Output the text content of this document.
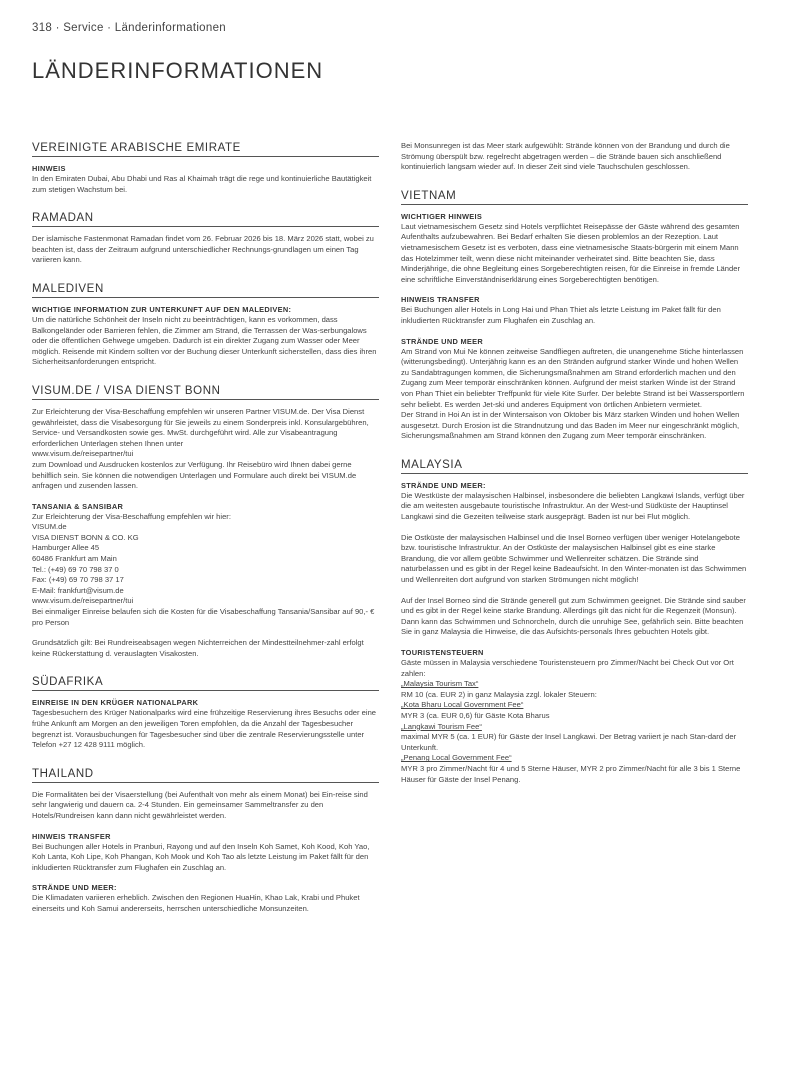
318 · Service · Länderinformationen
LÄNDERINFORMATIONEN
VEREINIGTE ARABISCHE EMIRATE
HINWEIS

In den Emiraten Dubai, Abu Dhabi und Ras al Khaimah trägt die rege und kontinuierliche Bautätigkeit zum stetigen Wachstum bei.

RAMADAN

Der islamische Fastenmonat Ramadan findet vom 26. Februar 2026 bis 18. März 2026 statt, wobei zu beachten ist, dass der Zeitraum aufgrund unterschiedlicher Rechnungs-grundlagen um einen Tag variieren kann.

MALEDIVEN
WICHTIGE INFORMATION ZUR UNTERKUNFT AUF DEN MALEDIVEN:

Um die natürliche Schönheit der Inseln nicht zu beeinträchtigen, kann es vorkommen, dass Balkongeländer oder Barrieren fehlen, die Zimmer am Strand, die Terrassen der Was-serbungalows oder die öffentlichen Gehwege umgeben. Dadurch ist ein direkter Zugang zum Wasser oder Meer möglich. Reisende mit Kindern sollten vor der Buchung dieser Unterkunft sicherstellen, dass dies ihren Sicherheitsanforderungen entspricht.

VISUM.DE / VISA DIENST BONN

Zur Erleichterung der Visa-Beschaffung empfehlen wir unseren Partner VISUM.de. Der Visa Dienst gewährleistet, dass die Visabesorgung für Sie jeweils zu einem Sonderpreis inkl. Konsulargebühren, Service- und Versandkosten sowie ges. MwSt. durchgeführt wird. Alle zur Visabeantragung erforderlichen Unterlagen stehen Ihnen unter

www.visum.de/reisepartner/tui

zum Download und Ausdrucken kostenlos zur Verfügung. Ihr Reisebüro wird Ihnen dabei gerne behilflich sein. Sie können die notwendigen Unterlagen und Formulare auch direkt bei VISUM.de anfragen und zusenden lassen.

TANSANIA & SANSIBAR
Zur Erleichterung der Visa-Beschaffung empfehlen wir hier:
VISUM.de
VISA DIENST BONN & CO. KG
Hamburger Allee 45
60486 Frankfurt am Main
Tel.: (+49) 69 70 798 37 0
Fax: (+49) 69 70 798 37 17
E-Mail: frankfurt@visum.de
www.visum.de/reisepartner/tui

Bei einmaliger Einreise belaufen sich die Kosten für die Visabeschaffung Tansania/Sansibar auf 90,- € pro Person

Grundsätzlich gilt: Bei Rundreiseabsagen wegen Nichterreichen der Mindestteilnehmer-zahl erfolgt keine Rückerstattung d. verauslagten Visakosten.

SÜDAFRIKA
EINREISE IN DEN KRÜGER NATIONALPARK

Tagesbesuchern des Krüger Nationalparks wird eine frühzeitige Reservierung ihres Besuchs oder eine frühe Ankunft am Morgen an den jeweiligen Toren empfohlen, da die Anzahl der Tagesbesucher begrenzt ist. Vorausbuchungen für Tagesbesucher sind über die zentrale Reservierungsstelle unter Telefon +27 12 428 9111 möglich.

THAILAND

Die Formalitäten bei der Visaerstellung (bei Aufenthalt von mehr als einem Monat) bei Ein-reise sind sehr langwierig und dauern ca. 2-4 Stunden. Ein gemeinsamer Sammeltransfer zu den Hotels/Rundreisen kann dann nicht gewährleistet werden.

HINWEIS TRANSFER

Bei Buchungen aller Hotels in Pranburi, Rayong und auf den Inseln Koh Samet, Koh Kood, Koh Yao, Koh Lanta, Koh Lipe, Koh Phangan, Koh Mook und Koh Tao als letzte Leistung im Paket fällt für den inkludierten Rücktransfer zum Flughafen ein Zuschlag an.

STRÄNDE UND MEER:

Die Klimadaten variieren erheblich. Zwischen den Regionen HuaHin, Khao Lak, Krabi und Phuket einerseits und Koh Samui andererseits, herrschen unterschiedliche Monsunzeiten.

Bei Monsunregen ist das Meer stark aufgewühlt: Strände können von der Brandung und durch die Strömung überspült bzw. regelrecht abgetragen werden – die Strände bauen sich anschließend kontinuierlich langsam wieder auf. In dieser Zeit sind viele Tauchschulen geschlossen.

VIETNAM
WICHTIGER HINWEIS

Laut vietnamesischem Gesetz sind Hotels verpflichtet Reisepässe der Gäste während des gesamten Aufenthalts aufzubewahren. Bei Bedarf erhalten Sie diesen problemlos an der Rezeption. Laut vietnamesischem Gesetz ist es verboten, dass eine vietnamesische Staats-bürgerin mit einem Mann das Hotelzimmer teilt, wenn diese nicht miteinander verheiratet sind. Bitte beachten Sie, dass Minderjährige, die ohne Begleitung eines Sorgeberechtigten reisen, für die Einreise in fremde Länder eine schriftliche Einverständniserklärung eines Sorgeberechtigten benötigen.

HINWEIS TRANSFER

Bei Buchungen aller Hotels in Long Hai und Phan Thiet als letzte Leistung im Paket fällt für den inkludierten Rücktransfer zum Flughafen ein Zuschlag an.

STRÄNDE UND MEER

Am Strand von Mui Ne können zeitweise Sandfliegen auftreten, die unangenehme Stiche hinterlassen (witterungsbedingt). Unterjährig kann es an den Stränden aufgrund starker Winde und hohen Wellen zu Sandabtragungen kommen, die Sicherungsmaßnahmen am Strand erforderlich machen und den Zugang zum Meer temporär einschränken können. Aufgrund der meist starken Winde ist der Strand von Phan Thiet ein beliebter Treffpunkt für viele Kite Surfer. Der belebte Strand ist bei Wassersportlern sehr beliebt. Es werden Jet-ski und anderes Equipment von örtlichen Anbietern vermietet.

Der Strand in Hoi An ist in der Wintersaison von Oktober bis März starken Winden und hohen Wellen ausgesetzt. Durch Erosion ist die Strandnutzung und das Baden im Meer nur eingeschränkt möglich, Sicherungsmaßnahmen am Strand können den Zugang zum Meer temporär einschränken.

MALAYSIA
STRÄNDE UND MEER:

Die Westküste der malaysischen Halbinsel, insbesondere die beliebten Langkawi Islands, verfügt über die am weitesten ausgebaute touristische Infrastruktur. An der West-und Südküste der Hauptinsel Langkawi sind die Gezeiten teilweise stark ausgeprägt. Baden ist nur bei Flut möglich.

Die Ostküste der malaysischen Halbinsel und die Insel Borneo verfügen über weniger Hotelangebote bzw. touristische Infrastruktur. An der Ostküste der malaysischen Halbinsel gibt es eine starke Brandung, die vor allem geübte Schwimmer und Wellenreiter schätzen. Die Strände sind naturbelassen und es gibt in der Regel keine Badeaufsicht. In den Winter-monaten ist das Schwimmen und Wellenreiten dort aufgrund von starken Strömungen nicht möglich!

Auf der Insel Borneo sind die Strände generell gut zum Schwimmen geeignet. Die Strände sind sauber und es gibt in der Regel keine starke Brandung. Allerdings gilt das nicht für die Regenzeit (Monsun). Dann kann das Schwimmen und Schnorcheln, durch die unruhige See, gefährlich sein. Bitte beachten Sie in ganz Malaysia die Hinweise, die das Aufsichts-personals Ihres gebuchten Hotels gibt.

TOURISTENSTEUERN

Gäste müssen in Malaysia verschiedene Touristensteuern pro Zimmer/Nacht bei Check Out vor Ort zahlen:

„Malaysia Tourism Tax“

RM 10 (ca. EUR 2) in ganz Malaysia zzgl. lokaler Steuern:

„Kota Bharu Local Government Fee“

MYR 3 (ca. EUR 0,6) für Gäste Kota Bharus

„Langkawi Tourism Fee“

maximal MYR 5 (ca. 1 EUR) für Gäste der Insel Langkawi. Der Betrag variiert je nach Stan-dard der Unterkunft.

„Penang Local Government Fee“

MYR 3 pro Zimmer/Nacht für 4 und 5 Sterne Häuser, MYR 2 pro Zimmer/Nacht für alle 3 bis 1 Sterne Häuser für Gäste der Insel Penang.
